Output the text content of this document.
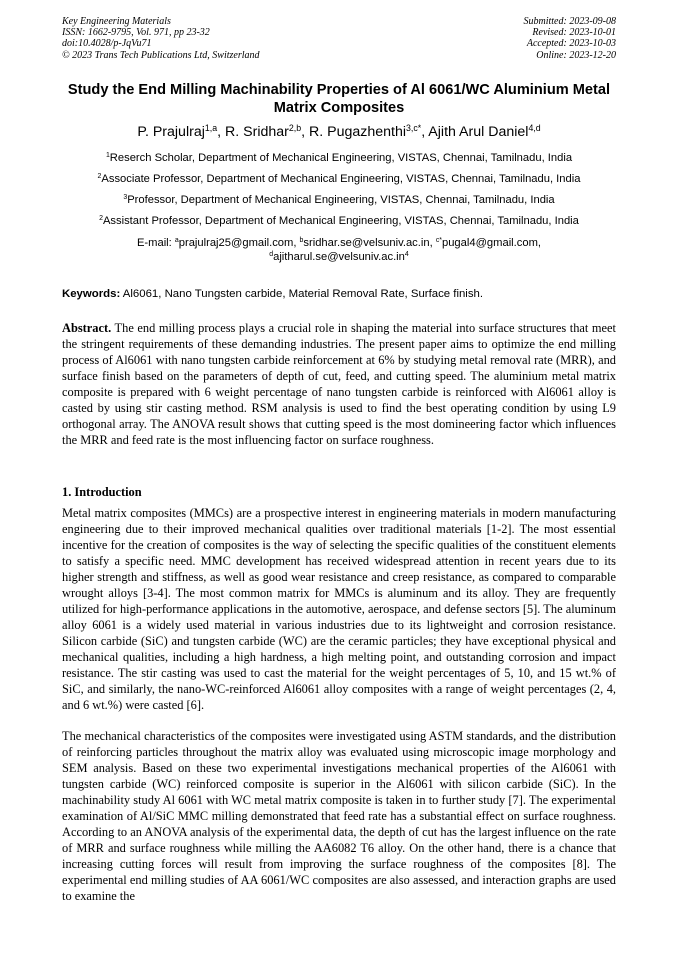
Key Engineering Materials
ISSN: 1662-9795, Vol. 971, pp 23-32
doi:10.4028/p-JqVu71
© 2023 Trans Tech Publications Ltd, Switzerland
Submitted: 2023-09-08
Revised: 2023-10-01
Accepted: 2023-10-03
Online: 2023-12-20
Study the End Milling Machinability Properties of Al 6061/WC Aluminium Metal Matrix Composites
P. Prajulraj$^{1,a}$, R. Sridhar$^{2,b}$, R. Pugazhenthi$^{3,c*}$, Ajith Arul Daniel$^{4,d}$
$^1$Reserch Scholar, Department of Mechanical Engineering, VISTAS, Chennai, Tamilnadu, India
$^2$Associate Professor, Department of Mechanical Engineering, VISTAS, Chennai, Tamilnadu, India
$^3$Professor, Department of Mechanical Engineering, VISTAS, Chennai, Tamilnadu, India
$^2$Assistant Professor, Department of Mechanical Engineering, VISTAS, Chennai, Tamilnadu, India
E-mail: $^a$prajulraj25@gmail.com, $^b$sridhar.se@velsuniv.ac.in, $^{c*}$pugal4@gmail.com,
$^dajitharul.se@velsuniv.ac.in^4$
Keywords: Al6061, Nano Tungsten carbide, Material Removal Rate, Surface finish.
Abstract. The end milling process plays a crucial role in shaping the material into surface structures that meet the stringent requirements of these demanding industries. The present paper aims to optimize the end milling process of Al6061 with nano tungsten carbide reinforcement at 6% by studying metal removal rate (MRR), and surface finish based on the parameters of depth of cut, feed, and cutting speed. The aluminium metal matrix composite is prepared with 6 weight percentage of nano tungsten carbide is reinforced with Al6061 alloy is casted by using stir casting method. RSM analysis is used to find the best operating condition by using L9 orthogonal array. The ANOVA result shows that cutting speed is the most domineering factor which influences the MRR and feed rate is the most influencing factor on surface roughness.
1. Introduction
Metal matrix composites (MMCs) are a prospective interest in engineering materials in modern manufacturing engineering due to their improved mechanical qualities over traditional materials [1-2]. The most essential incentive for the creation of composites is the way of selecting the specific qualities of the constituent elements to satisfy a specific need. MMC development has received widespread attention in recent years due to its higher strength and stiffness, as well as good wear resistance and creep resistance, as compared to comparable wrought alloys [3-4]. The most common matrix for MMCs is aluminum and its alloy. They are frequently utilized for high-performance applications in the automotive, aerospace, and defense sectors [5]. The aluminum alloy 6061 is a widely used material in various industries due to its lightweight and corrosion resistance. Silicon carbide (SiC) and tungsten carbide (WC) are the ceramic particles; they have exceptional physical and mechanical qualities, including a high hardness, a high melting point, and outstanding corrosion and impact resistance. The stir casting was used to cast the material for the weight percentages of 5, 10, and 15 wt.% of SiC, and similarly, the nano-WC-reinforced Al6061 alloy composites with a range of weight percentages (2, 4, and 6 wt.%) were casted [6].
The mechanical characteristics of the composites were investigated using ASTM standards, and the distribution of reinforcing particles throughout the matrix alloy was evaluated using microscopic image morphology and SEM analysis. Based on these two experimental investigations mechanical properties of the Al6061 with tungsten carbide (WC) reinforced composite is superior in the Al6061 with silicon carbide (SiC). In the machinability study Al 6061 with WC metal matrix composite is taken in to further study [7]. The experimental examination of Al/SiC MMC milling demonstrated that feed rate has a substantial effect on surface roughness. According to an ANOVA analysis of the experimental data, the depth of cut has the largest influence on the rate of MRR and surface roughness while milling the AA6082 T6 alloy. On the other hand, there is a chance that increasing cutting forces will result from improving the surface roughness of the composites [8]. The experimental end milling studies of AA 6061/WC composites are also assessed, and interaction graphs are used to examine the
